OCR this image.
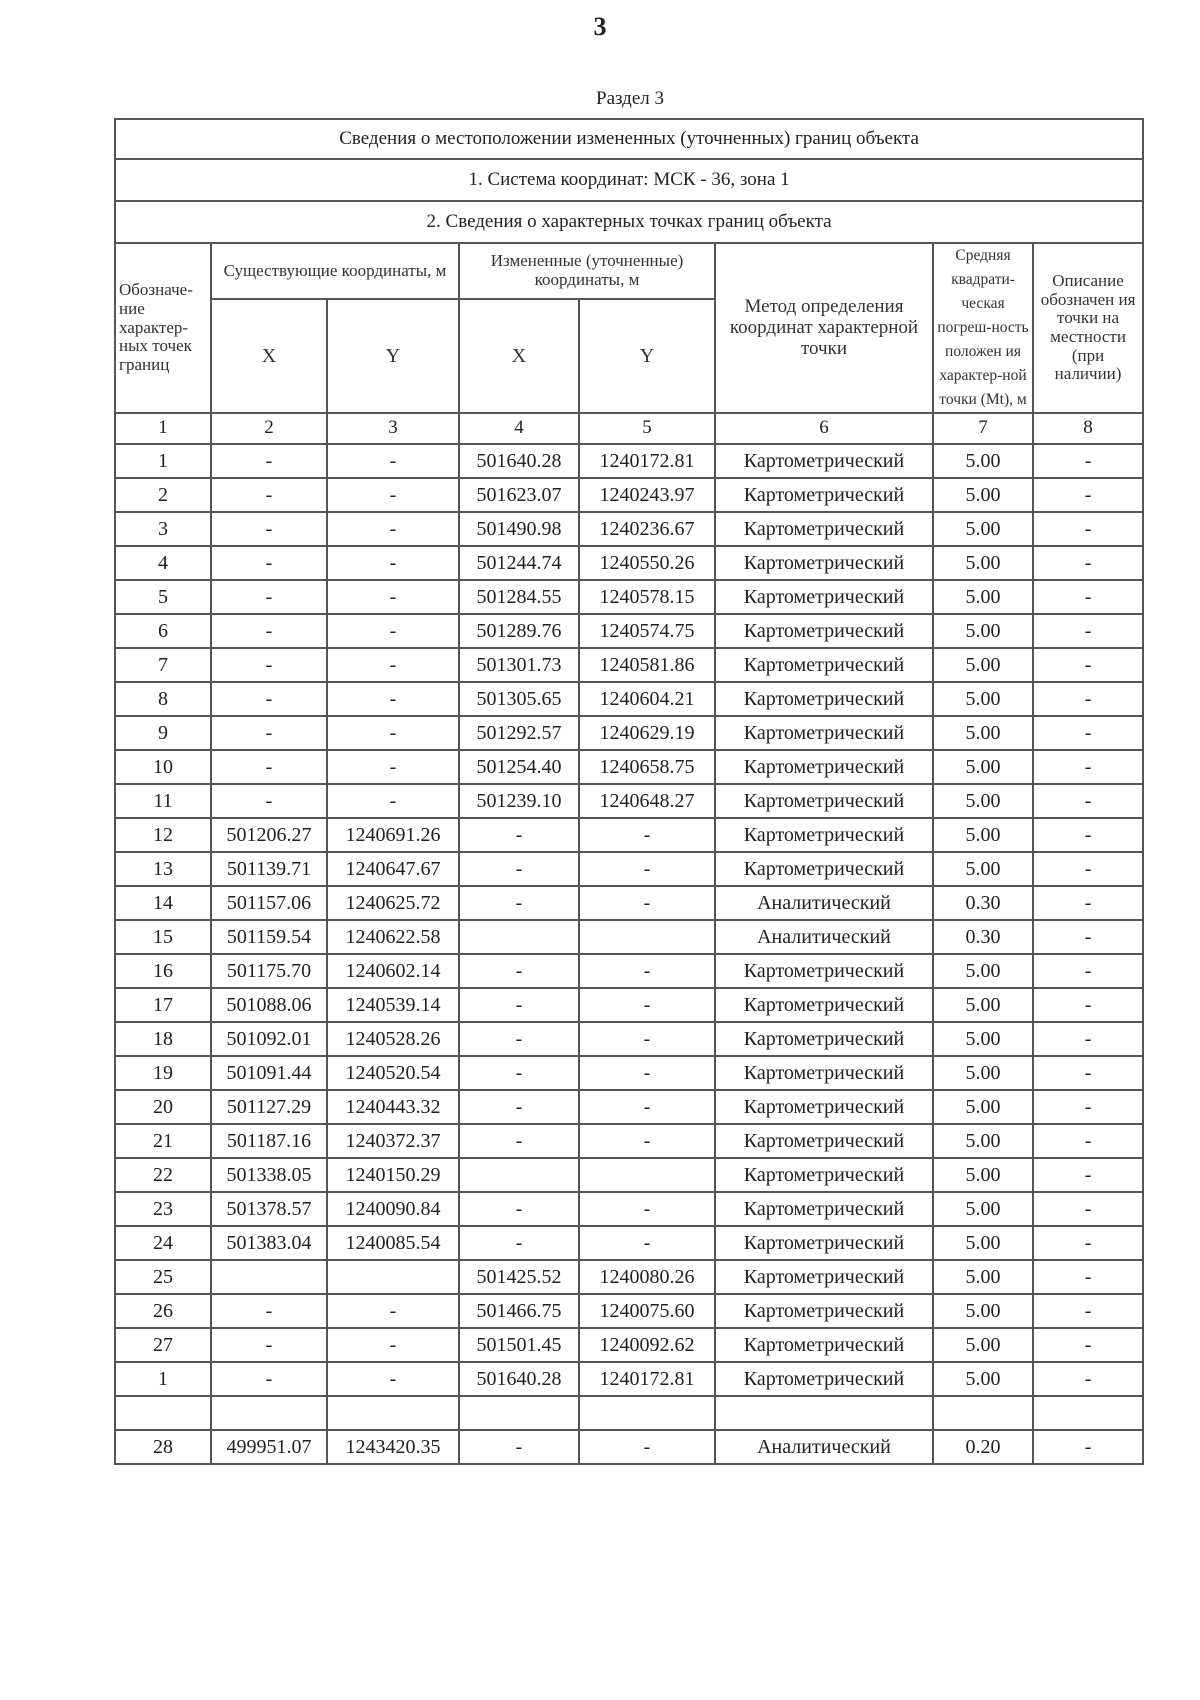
3
Раздел 3
Сведения о местоположении измененных (уточненных) границ объекта							
1. Система координат: МСК - 36, зона 1							
2. Сведения о характерных точках границ объекта							
Обозначе-ние характер-ных точек границ	Существующие координаты, м		Измененные (уточненные) координаты, м		Метод определения координат характерной точки	Средняя квадрати-ческая погреш-ность положен ия характер-ной точки (Mt), м	Описание обозначен ия точки на местности (при наличии)
	X	Y	X	Y			
1	2	3	4	5	6	7	8
1	-	-	501640.28	1240172.81	Картометрический	5.00	-
2	-	-	501623.07	1240243.97	Картометрический	5.00	-
3	-	-	501490.98	1240236.67	Картометрический	5.00	-
4	-	-	501244.74	1240550.26	Картометрический	5.00	-
5	-	-	501284.55	1240578.15	Картометрический	5.00	-
6	-	-	501289.76	1240574.75	Картометрический	5.00	-
7	-	-	501301.73	1240581.86	Картометрический	5.00	-
8	-	-	501305.65	1240604.21	Картометрический	5.00	-
9	-	-	501292.57	1240629.19	Картометрический	5.00	-
10	-	-	501254.40	1240658.75	Картометрический	5.00	-
11	-	-	501239.10	1240648.27	Картометрический	5.00	-
12	501206.27	1240691.26	-	-	Картометрический	5.00	-
13	501139.71	1240647.67	-	-	Картометрический	5.00	-
14	501157.06	1240625.72	-	-	Аналитический	0.30	-
15	501159.54	1240622.58			Аналитический	0.30	-
16	501175.70	1240602.14	-	-	Картометрический	5.00	-
17	501088.06	1240539.14	-	-	Картометрический	5.00	-
18	501092.01	1240528.26	-	-	Картометрический	5.00	-
19	501091.44	1240520.54	-	-	Картометрический	5.00	-
20	501127.29	1240443.32	-	-	Картометрический	5.00	-
21	501187.16	1240372.37	-	-	Картометрический	5.00	-
22	501338.05	1240150.29			Картометрический	5.00	-
23	501378.57	1240090.84	-	-	Картометрический	5.00	-
24	501383.04	1240085.54	-	-	Картометрический	5.00	-
25			501425.52	1240080.26	Картометрический	5.00	-
26	-	-	501466.75	1240075.60	Картометрический	5.00	-
27	-	-	501501.45	1240092.62	Картометрический	5.00	-
1	-	-	501640.28	1240172.81	Картометрический	5.00	-

28	499951.07	1243420.35	-	-	Аналитический	0.20	-
